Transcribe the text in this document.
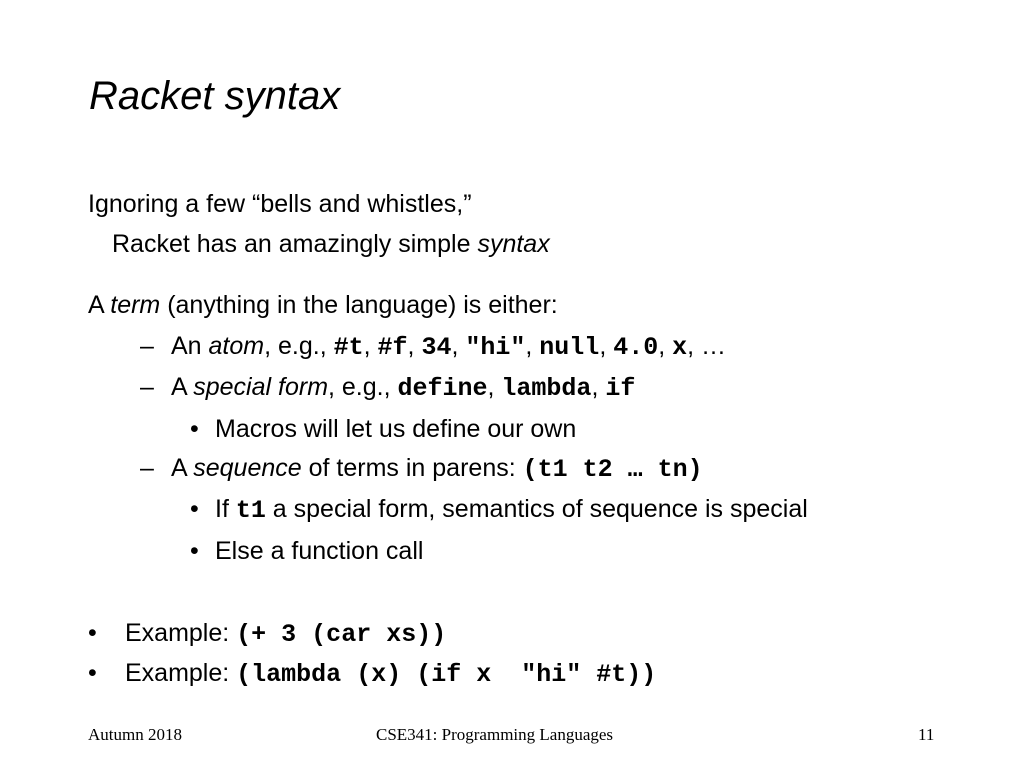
Racket syntax
Ignoring a few “bells and whistles,”
Racket has an amazingly simple syntax
A term (anything in the language) is either:
– An atom, e.g., #t, #f, 34, "hi", null, 4.0, x, …
– A special form, e.g., define, lambda, if
• Macros will let us define our own
– A sequence of terms in parens: (t1 t2 … tn)
• If t1 a special form, semantics of sequence is special
• Else a function call
• Example: (+ 3 (car xs))
• Example: (lambda (x) (if x  "hi" #t))
Autumn 2018	CSE341: Programming Languages	11
